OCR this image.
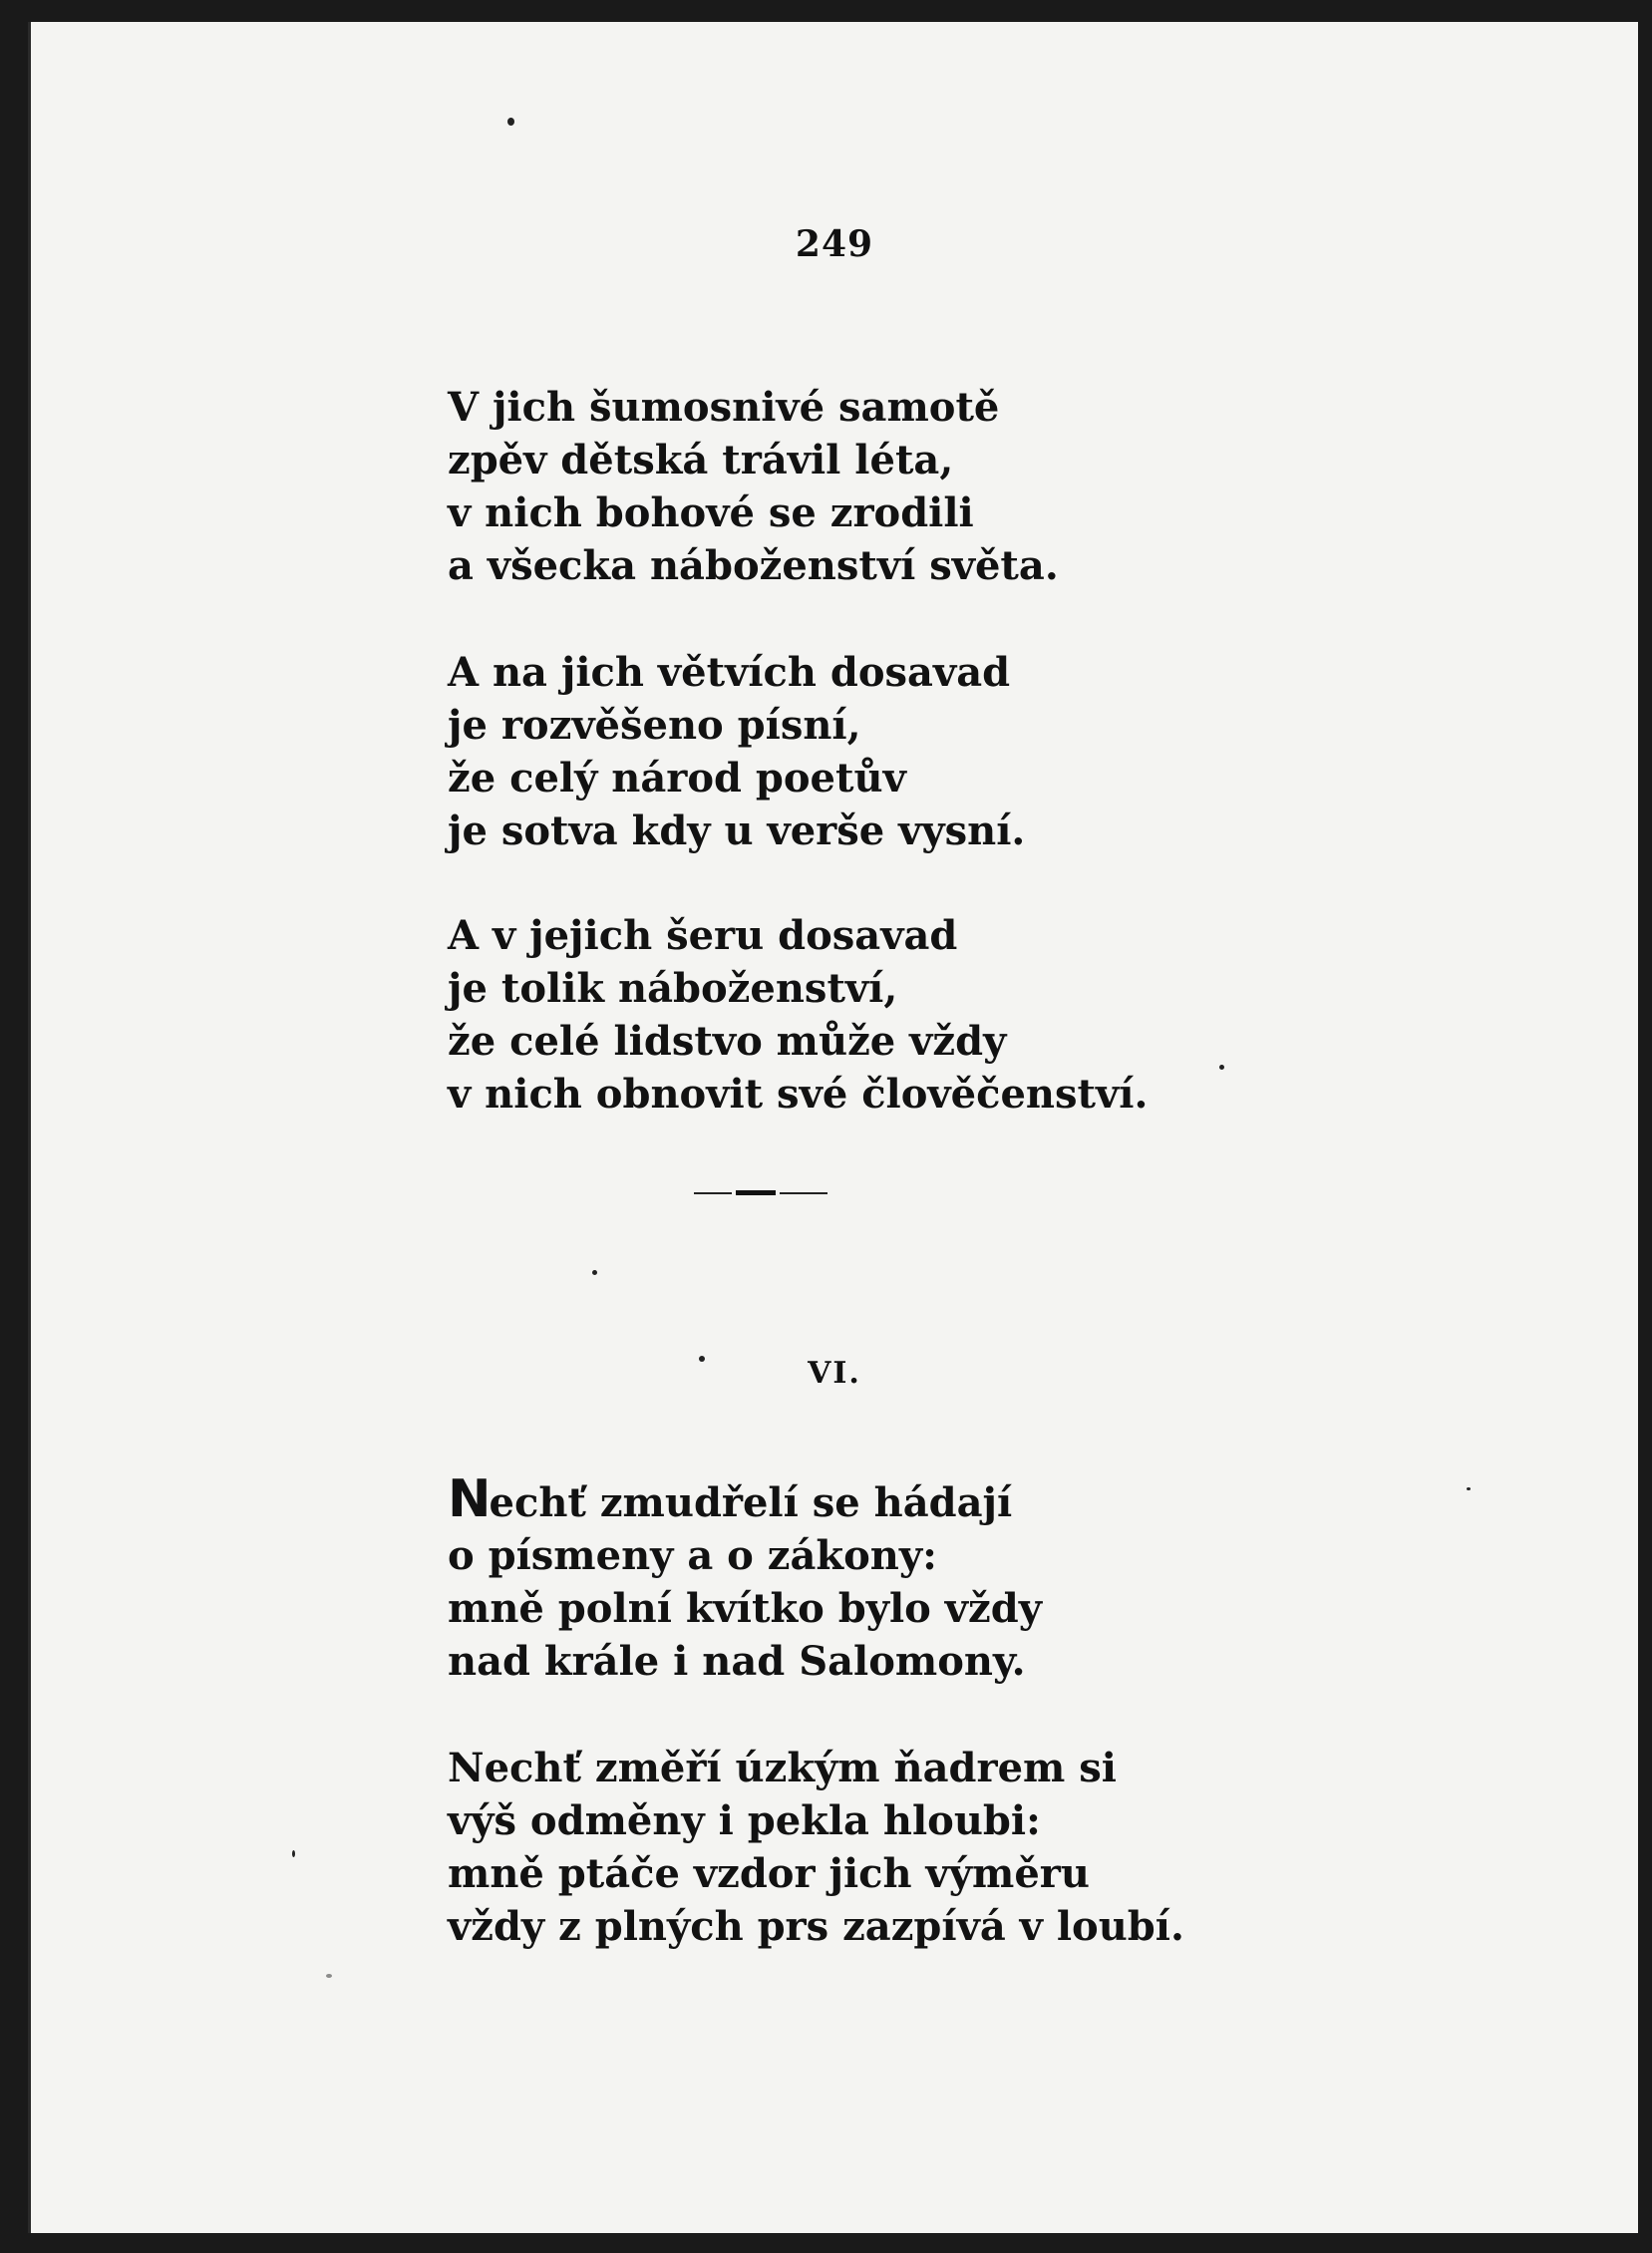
249
V jich šumosnivé samotě
zpěv dětská trávil léta,
v nich bohové se zrodili
a všecka náboženství světa.
A na jich větvích dosavad
je rozvěšeno písní,
že celý národ poetův
je sotva kdy u verše vysní.
A v jejich šeru dosavad
je tolik náboženství,
že celé lidstvo může vždy
v nich obnovit své člověčenství.
VI.
Nechť zmudřelí se hádají
o písmeny a o zákony:
mně polní kvítko bylo vždy
nad krále i nad Salomony.
Nechť změří úzkým ňadrem si
výš odměny i pekla hloubi:
mně ptáče vzdor jich výměru
vždy z plných prs zazpívá v loubí.
